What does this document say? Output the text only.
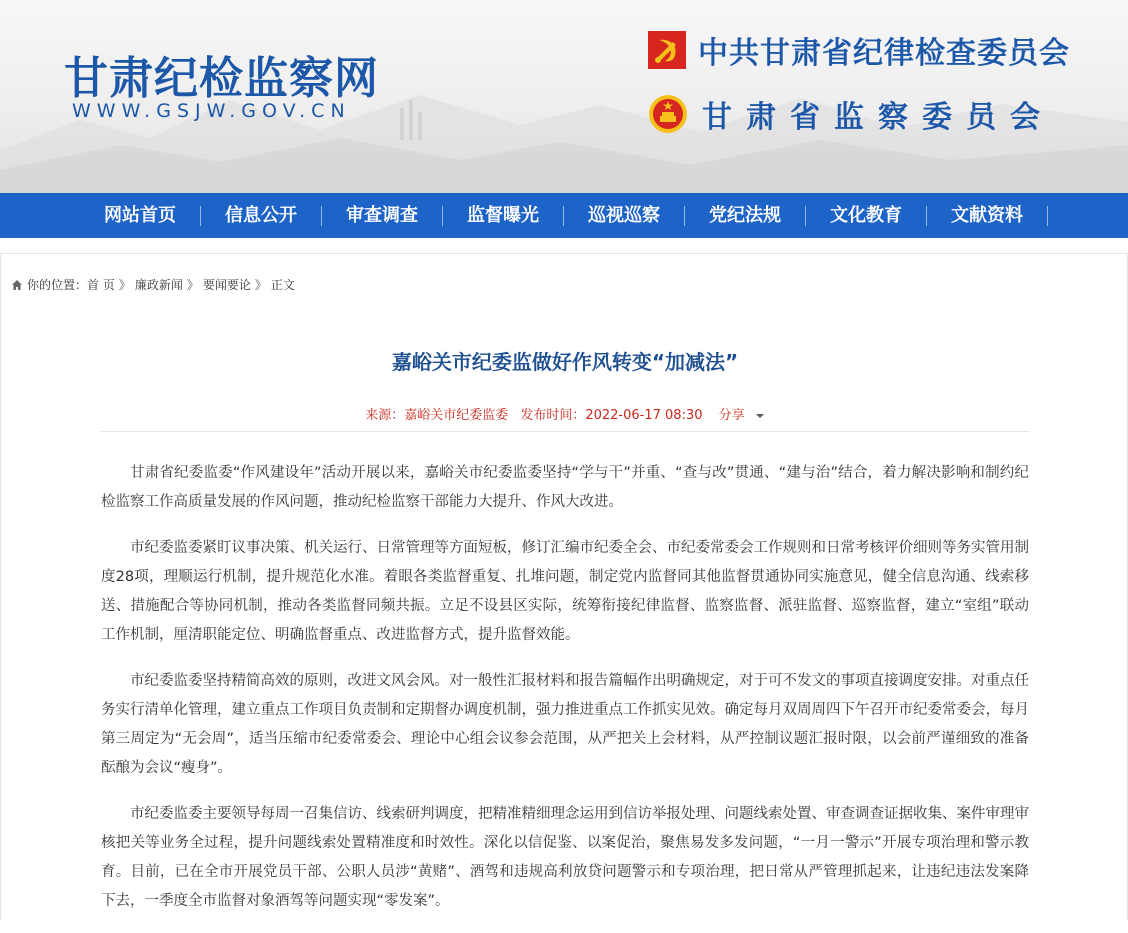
甘肃纪检监察网
WWW.GSJW.GOV.CN
中共甘肃省纪律检查委员会
甘肃省监察委员会
网站首页	信息公开	审查调查	监督曝光	巡视巡察	党纪法规	文化教育	文献资料
你的位置： 首 页 》 廉政新闻 》 要闻要论 》 正文
嘉峪关市纪委监做好作风转变“加减法”
来源：嘉峪关市纪委监委 发布时间：2022-06-17 08:30 分享

甘肃省纪委监委“作风建设年”活动开展以来，嘉峪关市纪委监委坚持“学与干”并重、“查与改”贯通、“建与治”结合，着力解决影响和制约纪检监察工作高质量发展的作风问题，推动纪检监察干部能力大提升、作风大改进。

市纪委监委紧盯议事决策、机关运行、日常管理等方面短板，修订汇编市纪委全会、市纪委常委会工作规则和日常考核评价细则等务实管用制度28项，理顺运行机制，提升规范化水准。着眼各类监督重复、扎堆问题，制定党内监督同其他监督贯通协同实施意见，健全信息沟通、线索移送、措施配合等协同机制，推动各类监督同频共振。立足不设县区实际，统筹衔接纪律监督、监察监督、派驻监督、巡察监督，建立“室组”联动工作机制，厘清职能定位、明确监督重点、改进监督方式，提升监督效能。

市纪委监委坚持精简高效的原则，改进文风会风。对一般性汇报材料和报告篇幅作出明确规定，对于可不发文的事项直接调度安排。对重点任务实行清单化管理，建立重点工作项目负责制和定期督办调度机制，强力推进重点工作抓实见效。确定每月双周周四下午召开市纪委常委会，每月第三周定为“无会周”，适当压缩市纪委常委会、理论中心组会议参会范围，从严把关上会材料，从严控制议题汇报时限，以会前严谨细致的准备酝酿为会议“瘦身”。

市纪委监委主要领导每周一召集信访、线索研判调度，把精准精细理念运用到信访举报处理、问题线索处置、审查调查证据收集、案件审理审核把关等业务全过程，提升问题线索处置精准度和时效性。深化以信促鉴、以案促治，聚焦易发多发问题，“一月一警示”开展专项治理和警示教育。目前，已在全市开展党员干部、公职人员涉“黄赌”、酒驾和违规高利放贷问题警示和专项治理，把日常从严管理抓起来，让违纪违法发案降下去，一季度全市监督对象酒驾等问题实现“零发案”。
